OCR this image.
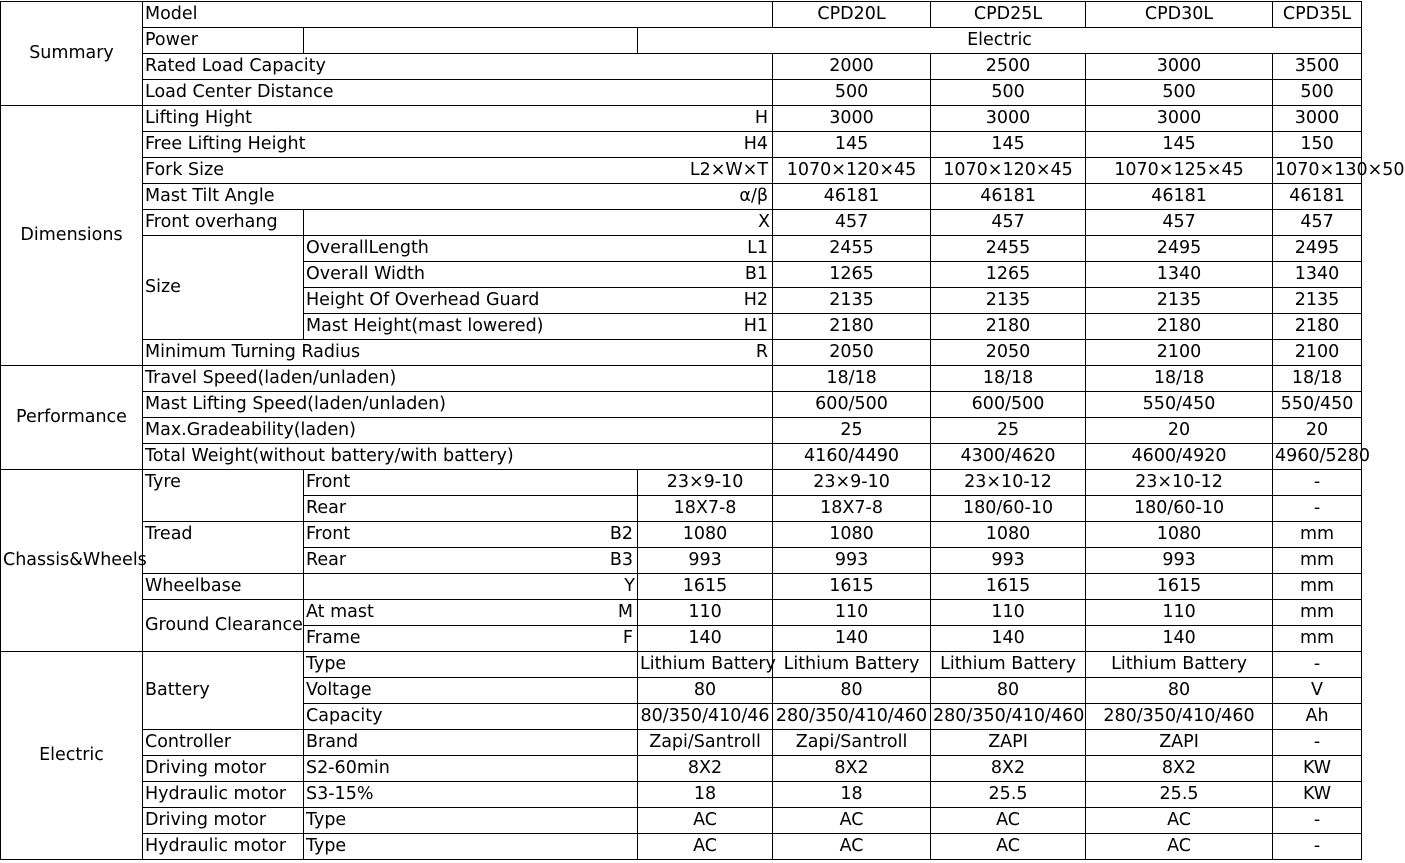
Summary	Model			CPD20L	CPD25L	CPD30L	CPD35L	
	Power		Electric					
	Rated Load Capacity			2000	2500	3000	3500	
	Load Center Distance			500	500	500	500	
Dimensions	Lifting Hight H			3000	3000	3000	3000	
	Free Lifting Height H4			145	145	145	150	
	Fork Size L2×W×T			1070×120×45	1070×120×45	1070×125×45	1070×130×50	
	Mast Tilt Angle α/β			46181	46181	46181	46181	
	Front overhang	X		457	457	457	457	
	Size	OverallLength L1		2455	2455	2495	2495	
		Overall Width B1		1265	1265	1340	1340	
		Height Of Overhead Guard H2		2135	2135	2135	2135	
		Mast Height(mast lowered) H1		2180	2180	2180	2180	
	Minimum Turning Radius R			2050	2050	2100	2100	
Performance	Travel Speed(laden/unladen)			18/18	18/18	18/18	18/18	
	Mast Lifting Speed(laden/unladen)			600/500	600/500	550/450	550/450	
	Max.Gradeability(laden)			25	25	20	20	
	Total Weight(without battery/with battery)			4160/4490	4300/4620	4600/4920	4960/5280	
Chassis&Wheels	Tyre	Front	23×9-10	23×9-10	23×10-12	23×10-12	-	
		Rear	18X7-8	18X7-8	180/60-10	180/60-10	-	
	Tread	Front B2	1080	1080	1080	1080	mm	
		Rear B3	993	993	993	993	mm	
	Wheelbase	Y	1615	1615	1615	1615	mm	
	Ground Clearance	At mast M	110	110	110	110	mm	
		Frame F	140	140	140	140	mm	
Electric	Battery	Type	Lithium Battery	Lithium Battery	Lithium Battery	Lithium Battery	-	
		Voltage	80	80	80	80	V	
		Capacity	80/350/410/46	280/350/410/460	280/350/410/460	280/350/410/460	Ah	
	Controller	Brand	Zapi/Santroll	Zapi/Santroll	ZAPI	ZAPI	-	
	Driving motor	S2-60min	8X2	8X2	8X2	8X2	KW	
	Hydraulic motor	S3-15%	18	18	25.5	25.5	KW	
	Driving motor	Type	AC	AC	AC	AC	-	
	Hydraulic motor	Type	AC	AC	AC	AC	-	
